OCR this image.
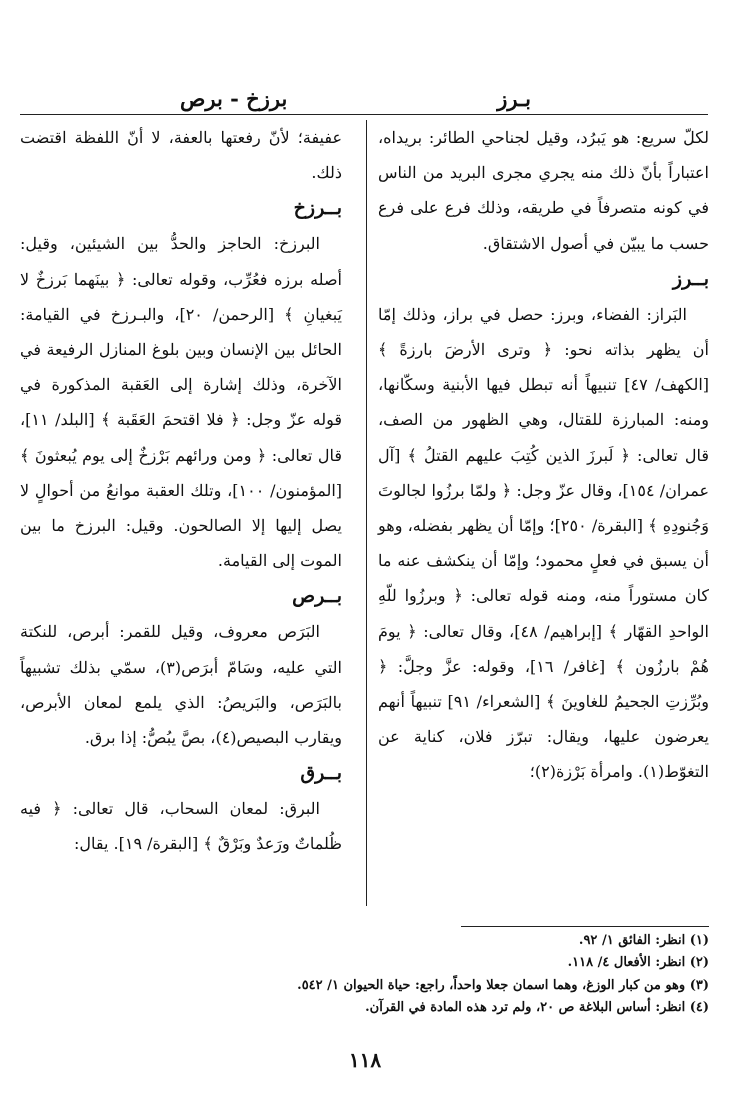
بـرز
برزخ - برص

لكلّ سريع: هو يَبرُد، وقيل لجناحي الطائر: بريداه، اعتباراً بأنّ ذلك منه يجري مجرى البريد من الناس في كونه متصرفاً في طريقه، وذلك فرع على فرع حسب ما يبيّن في أصول الاشتقاق.

بــرز

البَراز: الفضاء، وبرز: حصل في براز، وذلك إمّا أن يظهر بذاته نحو: ﴿ وترى الأرضَ بارزةً ﴾ [الكهف/ ٤٧] تنبيهاً أنه تبطل فيها الأبنية وسكّانها، ومنه: المبارزة للقتال، وهي الظهور من الصف، قال تعالى: ﴿ لَبرزَ الذين كُتِبَ عليهم القتلُ ﴾ [آل عمران/ ١٥٤]، وقال عزّ وجل: ﴿ ولمّا برزُوا لجالوتَ وَجُنودِهِ ﴾ [البقرة/ ٢٥٠]؛ وإمّا أن يظهر بفضله، وهو أن يسبق في فعلٍ محمود؛ وإمّا أن ينكشف عنه ما كان مستوراً منه، ومنه قوله تعالى: ﴿ وبرزُوا للّهِ الواحدِ القهّار ﴾ [إبراهيم/ ٤٨]، وقال تعالى: ﴿ يومَ هُمْ بارزُون ﴾ [غافر/ ١٦]، وقوله: عزَّ وجلَّ: ﴿ وبُرِّزتِ الجحيمُ للغاوينَ ﴾ [الشعراء/ ٩١] تنبيهاً أنهم يعرضون عليها، ويقال: تبرّز فلان، كناية عن التغوّط(١). وامرأة بَرْزة(٢)؛

عفيفة؛ لأنّ رفعتها بالعفة، لا أنّ اللفظة اقتضت ذلك.

بــرزخ

البرزخ: الحاجز والحدُّ بين الشيئين، وقيل: أصله برزه فعُرِّب، وقوله تعالى: ﴿ بينَهما بَرزخٌ لا يَبغيانِ ﴾ [الرحمن/ ٢٠]، والبـرزخ في القيامة: الحائل بين الإنسان وبين بلوغ المنازل الرفيعة في الآخرة، وذلك إشارة إلى العَقبة المذكورة في قوله عزّ وجل: ﴿ فلا اقتحمَ العَقَبة ﴾ [البلد/ ١١]، قال تعالى: ﴿ ومن ورائهم بَرْزخٌ إلى يوم يُبعثونَ ﴾ [المؤمنون/ ١٠٠]، وتلك العقبة موانعُ من أحوالٍ لا يصل إليها إلا الصالحون. وقيل: البرزخ ما بين الموت إلى القيامة.

بــرص

البَرَص معروف، وقيل للقمر: أبرص، للنكتة التي عليه، وسَامّ أبرَص(٣)، سمّي بذلك تشبيهاً بالبَرَص، والبَريصُ: الذي يلمع لمعان الأبرص، ويقارب البصيص(٤)، بصَّ يبُصُّ: إذا برق.

بــرق

البرق: لمعان السحاب، قال تعالى: ﴿ فيه ظُلماتٌ ورَعدٌ وبَرْقٌ ﴾ [البقرة/ ١٩]. يقال:

(١) انظر: الفائق ١/ ٩٢.
(٢) انظر: الأفعال ٤/ ١١٨.
(٣) وهو من كبار الوزغ، وهما اسمان جعلا واحداً، راجع: حياة الحيوان ١/ ٥٤٢.
(٤) انظر: أساس البلاغة ص ٢٠، ولم ترد هذه المادة في القرآن.
١١٨
